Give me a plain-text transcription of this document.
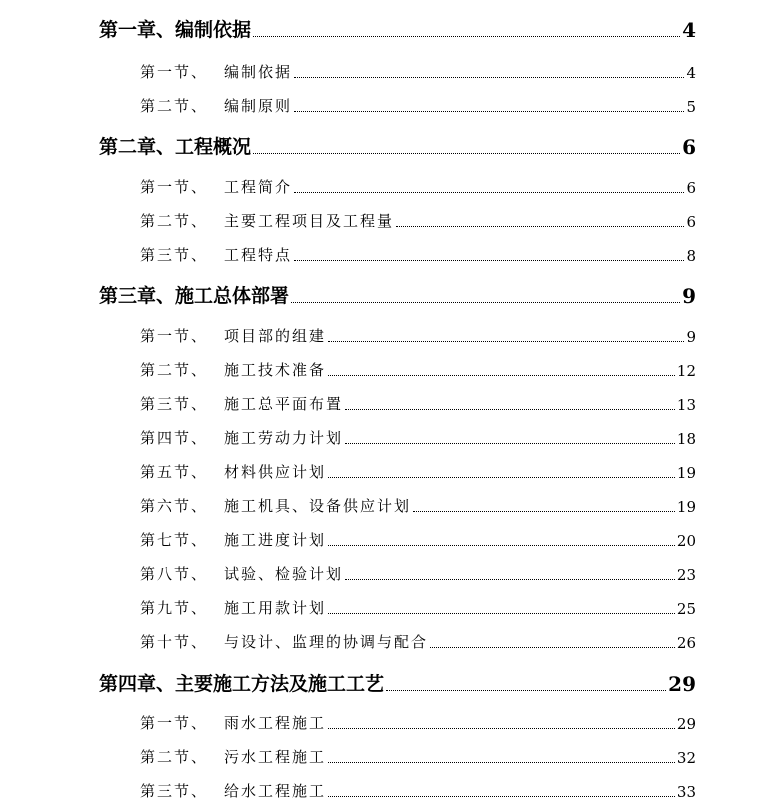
第一章、 编制依据	4
第一节、	编制依据	4
第二节、	编制原则	5
第二章、 工程概况	6
第一节、	工程简介	6
第二节、	主要工程项目及工程量	6
第三节、	工程特点	8
第三章、 施工总体部署	9
第一节、	项目部的组建	9
第二节、	施工技术准备	12
第三节、	施工总平面布置	13
第四节、	施工劳动力计划	18
第五节、	材料供应计划	19
第六节、	施工机具、设备供应计划	19
第七节、	施工进度计划	20
第八节、	试验、检验计划	23
第九节、	施工用款计划	25
第十节、	与设计、监理的协调与配合	26
第四章、 主要施工方法及施工工艺	29
第一节、	雨水工程施工	29
第二节、	污水工程施工	32
第三节、	给水工程施工	33
